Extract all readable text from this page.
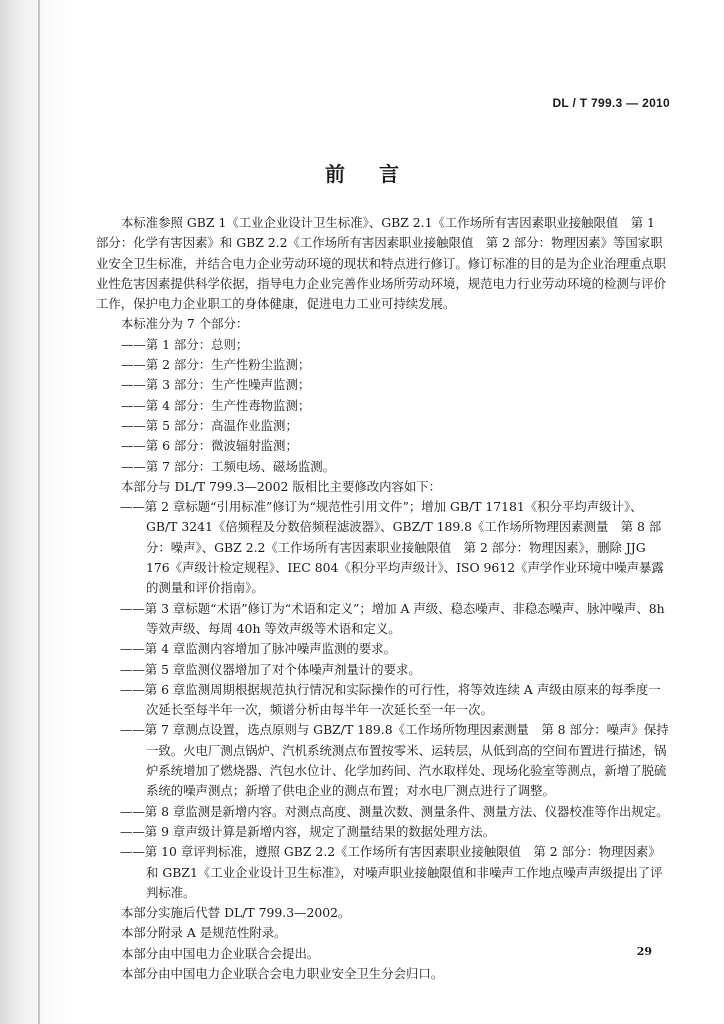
DL / T 799.3 — 2010
前言

本标准参照 GBZ 1《工业企业设计卫生标准》、GBZ 2.1《工作场所有害因素职业接触限值　第 1 部分：化学有害因素》和 GBZ 2.2《工作场所有害因素职业接触限值　第 2 部分：物理因素》等国家职业安全卫生标准，并结合电力企业劳动环境的现状和特点进行修订。修订标准的目的是为企业治理重点职业性危害因素提供科学依据，指导电力企业完善作业场所劳动环境，规范电力行业劳动环境的检测与评价工作，保护电力企业职工的身体健康，促进电力工业可持续发展。

本标准分为 7 个部分：

——第 1 部分：总则；

——第 2 部分：生产性粉尘监测；

——第 3 部分：生产性噪声监测；

——第 4 部分：生产性毒物监测；

——第 5 部分：高温作业监测；

——第 6 部分：微波辐射监测；

——第 7 部分：工频电场、磁场监测。

本部分与 DL/T 799.3—2002 版相比主要修改内容如下：

——第 2 章标题“引用标准”修订为“规范性引用文件”；增加 GB/T 17181《积分平均声级计》、GB/T 3241《倍频程及分数倍频程滤波器》、GBZ/T 189.8《工作场所物理因素测量　第 8 部分：噪声》、GBZ 2.2《工作场所有害因素职业接触限值　第 2 部分：物理因素》，删除 JJG 176《声级计检定规程》、IEC 804《积分平均声级计》、ISO 9612《声学作业环境中噪声暴露的测量和评价指南》。

——第 3 章标题“术语”修订为“术语和定义”；增加 A 声级、稳态噪声、非稳态噪声、脉冲噪声、8h 等效声级、每周 40h 等效声级等术语和定义。

——第 4 章监测内容增加了脉冲噪声监测的要求。

——第 5 章监测仪器增加了对个体噪声剂量计的要求。

——第 6 章监测周期根据规范执行情况和实际操作的可行性，将等效连续 A 声级由原来的每季度一次延长至每半年一次，频谱分析由每半年一次延长至一年一次。

——第 7 章测点设置，选点原则与 GBZ/T 189.8《工作场所物理因素测量　第 8 部分：噪声》保持一致。火电厂测点锅炉、汽机系统测点布置按零米、运转层，从低到高的空间布置进行描述，锅炉系统增加了燃烧器、汽包水位计、化学加药间、汽水取样处、现场化验室等测点，新增了脱硫系统的噪声测点；新增了供电企业的测点布置；对水电厂测点进行了调整。

——第 8 章监测是新增内容。对测点高度、测量次数、测量条件、测量方法、仪器校准等作出规定。

——第 9 章声级计算是新增内容，规定了测量结果的数据处理方法。

——第 10 章评判标准，遵照 GBZ 2.2《工作场所有害因素职业接触限值　第 2 部分：物理因素》和 GBZ1《工业企业设计卫生标准》，对噪声职业接触限值和非噪声工作地点噪声声级提出了评判标准。

本部分实施后代替 DL/T 799.3—2002。

本部分附录 A 是规范性附录。

本部分由中国电力企业联合会提出。

本部分由中国电力企业联合会电力职业安全卫生分会归口。

29
